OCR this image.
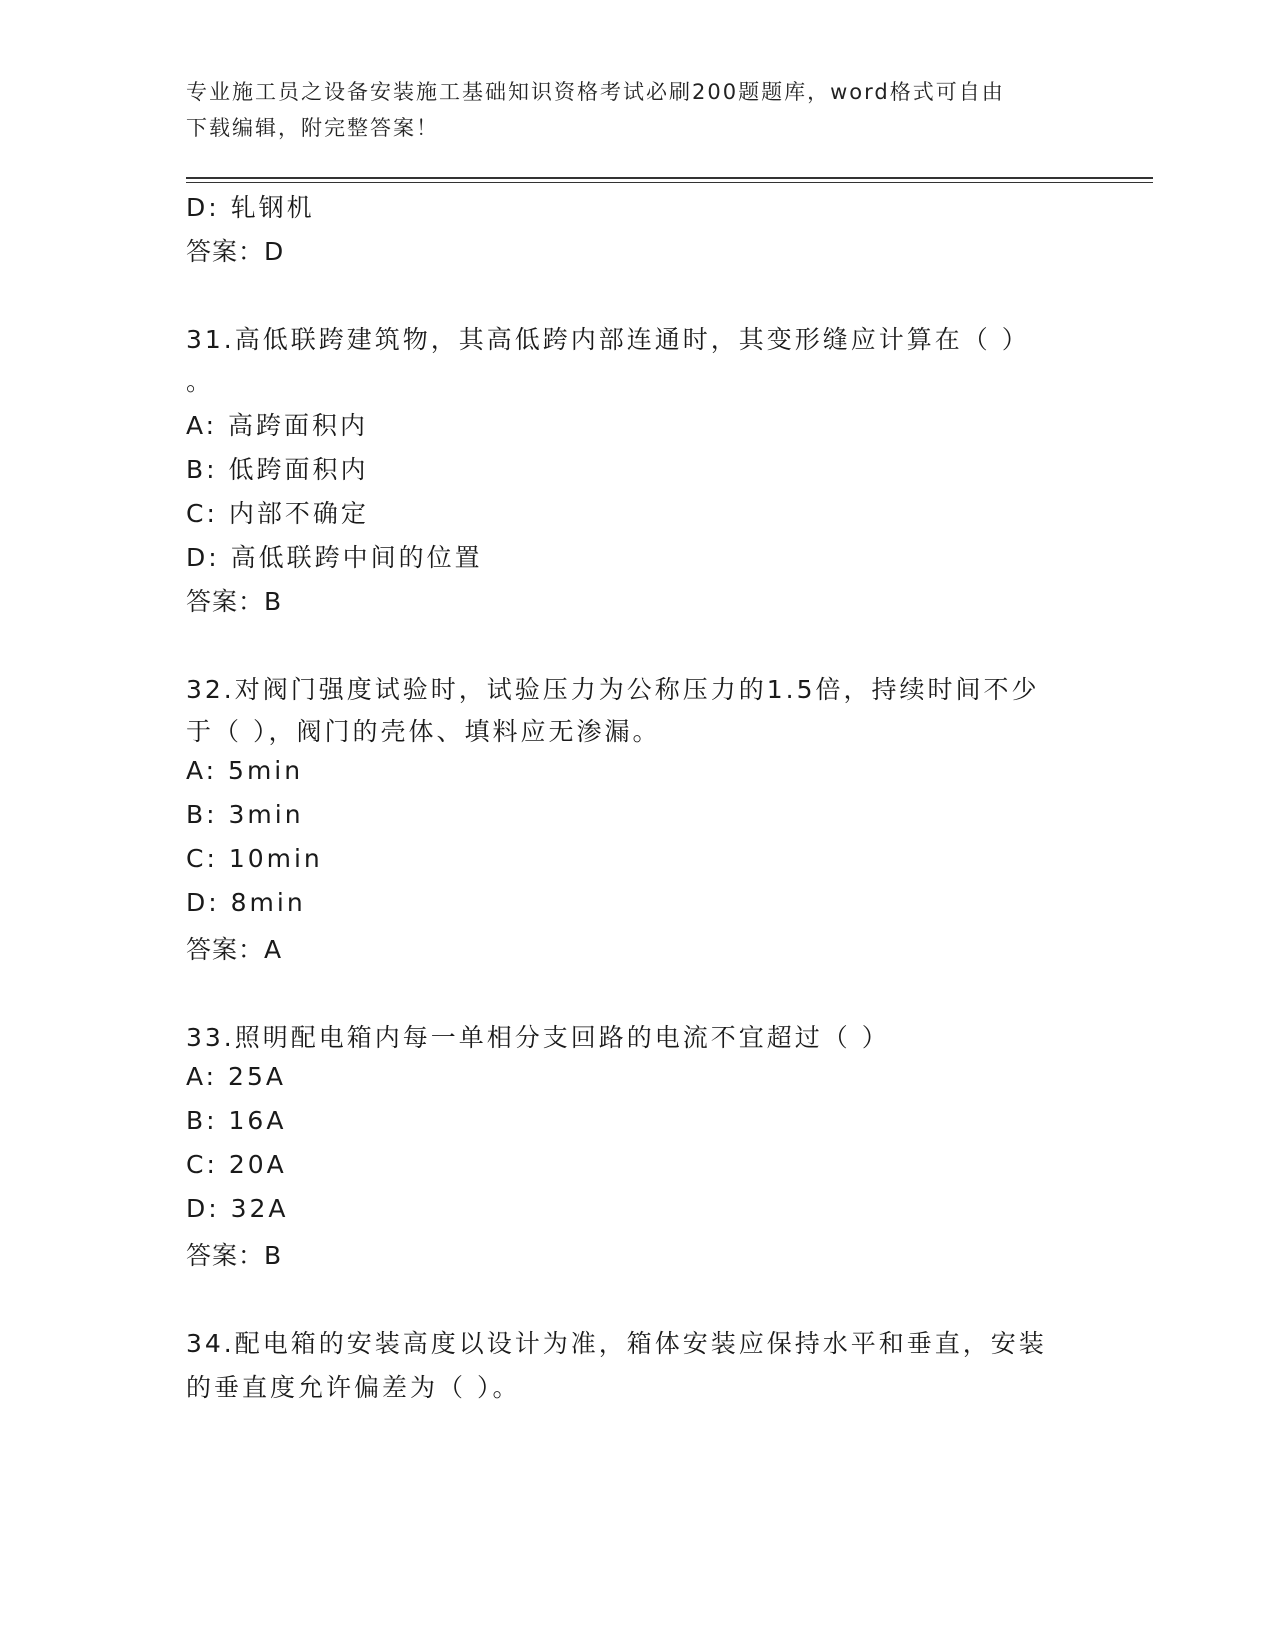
专业施工员之设备安装施工基础知识资格考试必刷200题题库，word格式可自由
下载编辑，附完整答案！
D: 轧钢机
答案：D
31.高低联跨建筑物，其高低跨内部连通时，其变形缝应计算在（ ）
。
A: 高跨面积内
B: 低跨面积内
C: 内部不确定
D: 高低联跨中间的位置
答案：B
32.对阀门强度试验时，试验压力为公称压力的1.5倍，持续时间不少
于（ ），阀门的壳体、填料应无渗漏。
A: 5min
B: 3min
C: 10min
D: 8min
答案：A
33.照明配电箱内每一单相分支回路的电流不宜超过（ ）
A: 25A
B: 16A
C: 20A
D: 32A
答案：B
34.配电箱的安装高度以设计为准，箱体安装应保持水平和垂直，安装
的垂直度允许偏差为（ ）。
